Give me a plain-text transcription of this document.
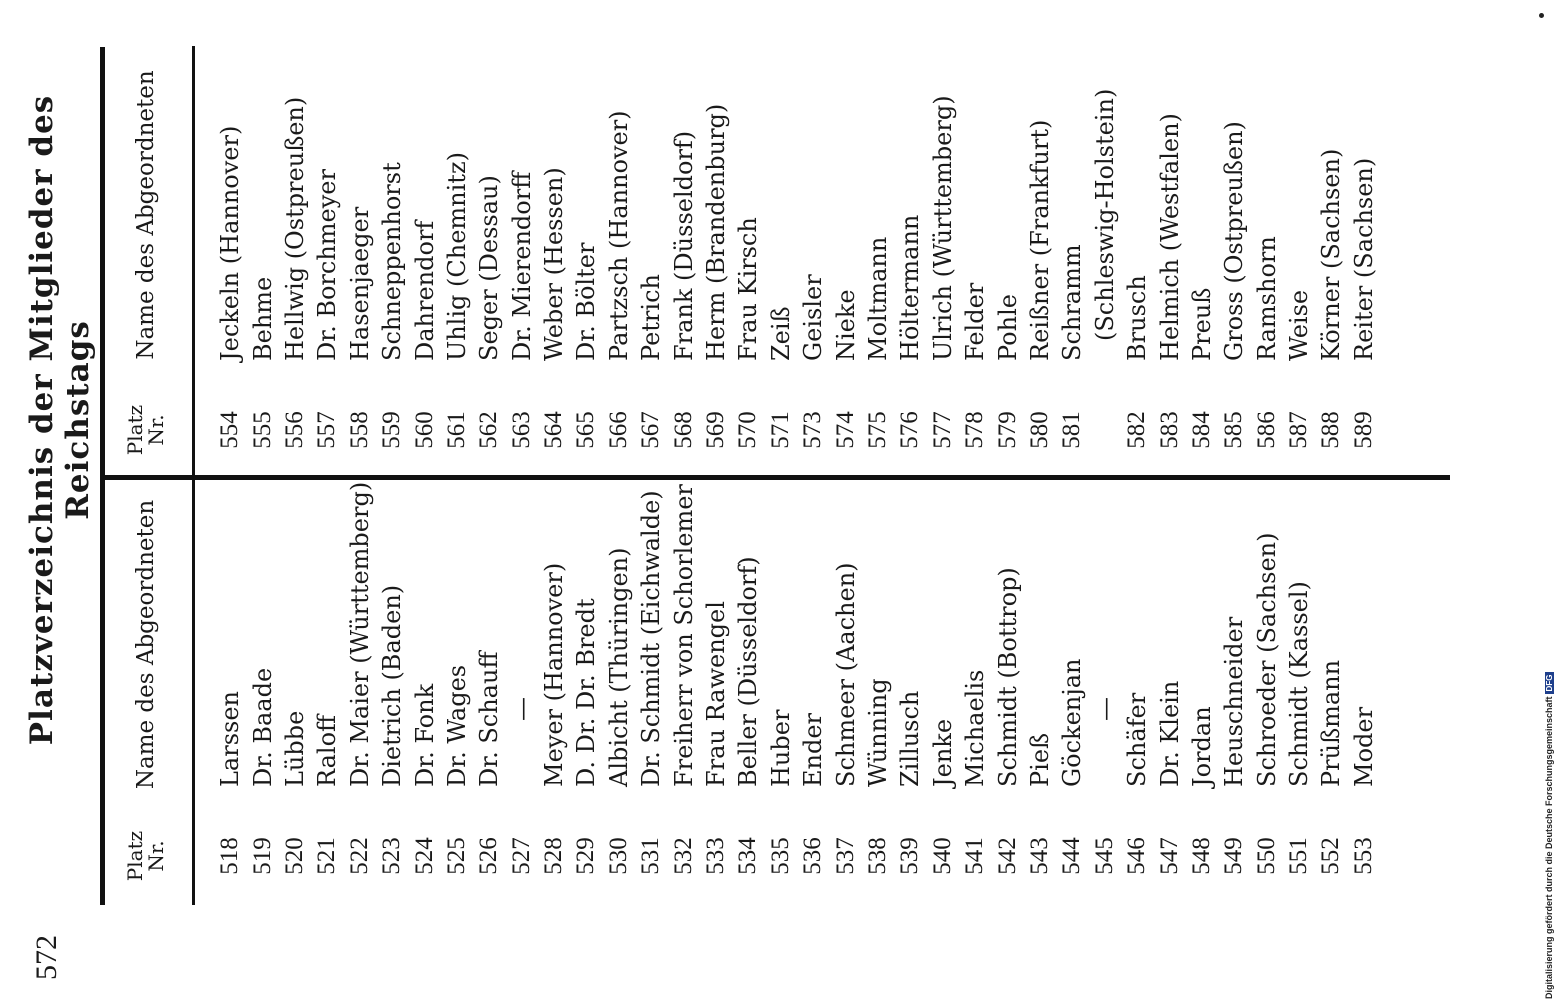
572
Platzverzeichnis der Mitglieder des Reichstags
Platz
Nr.
Name des Abgeordneten
518
Larssen
519
Dr. Baade
520
Lübbe
521
Raloff
522
Dr. Maier (Württemberg)
523
Dietrich (Baden)
524
Dr. Fonk
525
Dr. Wages
526
Dr. Schauff
527
—
528
Meyer (Hannover)
529
D. Dr. Dr. Bredt
530
Albicht (Thüringen)
531
Dr. Schmidt (Eichwalde)
532
Freiherr von Schorlemer
533
Frau Rawengel
534
Beller (Düsseldorf)
535
Huber
536
Ender
537
Schmeer (Aachen)
538
Wünning
539
Zillusch
540
Jenke
541
Michaelis
542
Schmidt (Bottrop)
543
Pieß
544
Göckenjan
545
—
546
Schäfer
547
Dr. Klein
548
Jordan
549
Heuschneider
550
Schroeder (Sachsen)
551
Schmidt (Kassel)
552
Prüßmann
553
Moder
Platz
Nr.
Name des Abgeordneten
554
Jeckeln (Hannover)
555
Behme
556
Hellwig (Ostpreußen)
557
Dr. Borchmeyer
558
Hasenjaeger
559
Schneppenhorst
560
Dahrendorf
561
Uhlig (Chemnitz)
562
Seger (Dessau)
563
Dr. Mierendorff
564
Weber (Hessen)
565
Dr. Bölter
566
Partzsch (Hannover)
567
Petrich
568
Frank (Düsseldorf)
569
Herm (Brandenburg)
570
Frau Kirsch
571
Zeiß
573
Geisler
574
Nieke
575
Moltmann
576
Höltermann
577
Ulrich (Württemberg)
578
Felder
579
Pohle
580
Reißner (Frankfurt)
581
Schramm (Schleswig-Holstein)
582
Brusch
583
Helmich (Westfalen)
584
Preuß
585
Gross (Ostpreußen)
586
Ramshorn
587
Weise
588
Körner (Sachsen)
589
Reiter (Sachsen)
Digitalisierung gefördert durch die Deutsche ForschungsgemeinschaftDFG
